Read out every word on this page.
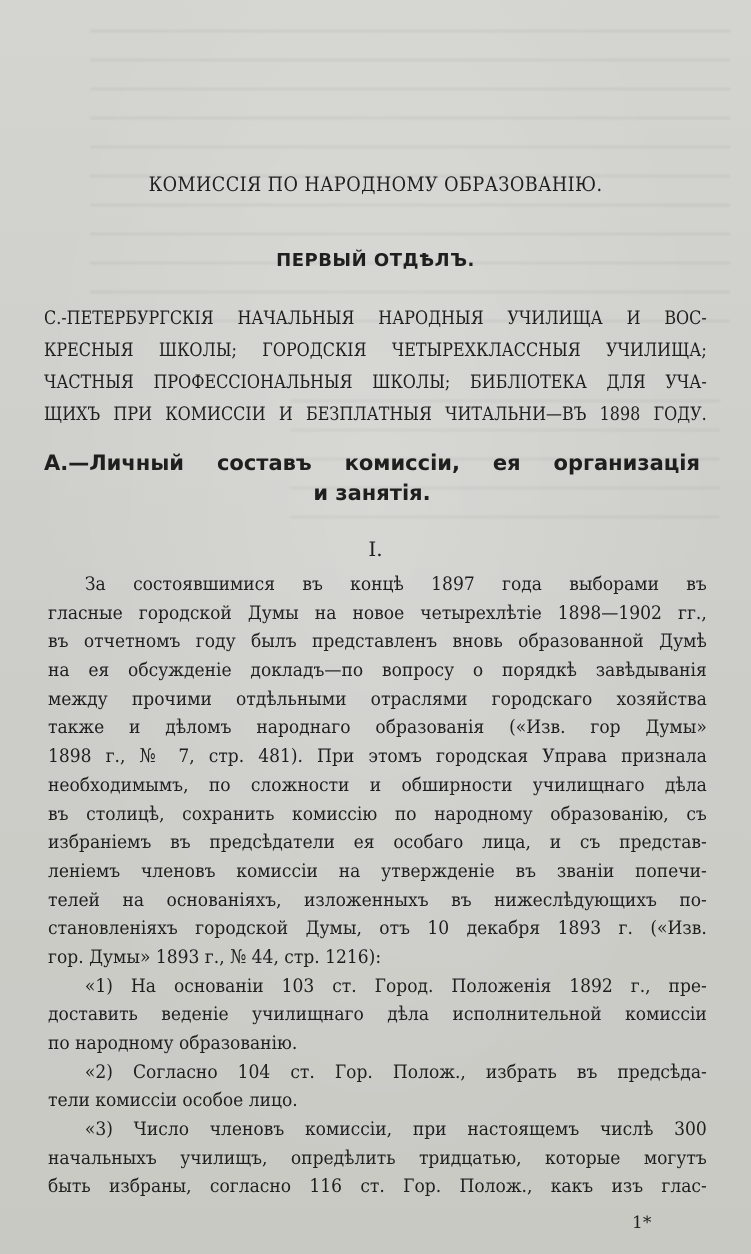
КОМИССІЯ ПО НАРОДНОМУ ОБРАЗОВАНІЮ.
ПЕРВЫЙ ОТДѢЛЪ.
С.-ПЕТЕРБУРГСКІЯ НАЧАЛЬНЫЯ НАРОДНЫЯ УЧИЛИЩА И ВОС-
КРЕСНЫЯ ШКОЛЫ; ГОРОДСКІЯ ЧЕТЫРЕХКЛАССНЫЯ УЧИЛИЩА;
ЧАСТНЫЯ ПРОФЕССІОНАЛЬНЫЯ ШКОЛЫ; БИБЛІОТЕКА ДЛЯ УЧА-
ЩИХЪ ПРИ КОМИССІИ И БЕЗПЛАТНЫЯ ЧИТАЛЬНИ—ВЪ 1898 ГОДУ.
А.—Личный составъ комиссіи, ея организація
и занятія.
I.
За состоявшимися въ концѣ 1897 года выборами въ
гласные городской Думы на новое четырехлѣтіе 1898—1902 гг.,
въ отчетномъ году былъ представленъ вновь образованной Думѣ
на ея обсужденіе докладъ—по вопросу о порядкѣ завѣдыванія
между прочими отдѣльными отраслями городскаго хозяйства
также и дѣломъ народнаго образованія («Изв. гор Думы»
1898 г., № 7, стр. 481). При этомъ городская Управа признала
необходимымъ, по сложности и обширности училищнаго дѣла
въ столицѣ, сохранить комиссію по народному образованію, съ
избраніемъ въ предсѣдатели ея особаго лица, и съ представ-
леніемъ членовъ комиссіи на утвержденіе въ званіи попечи-
телей на основаніяхъ, изложенныхъ въ нижеслѣдующихъ по-
становленіяхъ городской Думы, отъ 10 декабря 1893 г. («Изв.
гор. Думы» 1893 г., № 44, стр. 1216):
«1) На основаніи 103 ст. Город. Положенія 1892 г., пре-
доставить веденіе училищнаго дѣла исполнительной комиссіи
по народному образованію.
«2) Согласно 104 ст. Гор. Полож., избрать въ предсѣда-
тели комиссіи особое лицо.
«3) Число членовъ комиссіи, при настоящемъ числѣ 300
начальныхъ училищъ, опредѣлить тридцатью, которые могутъ
быть избраны, согласно 116 ст. Гор. Полож., какъ изъ глас-
1*
